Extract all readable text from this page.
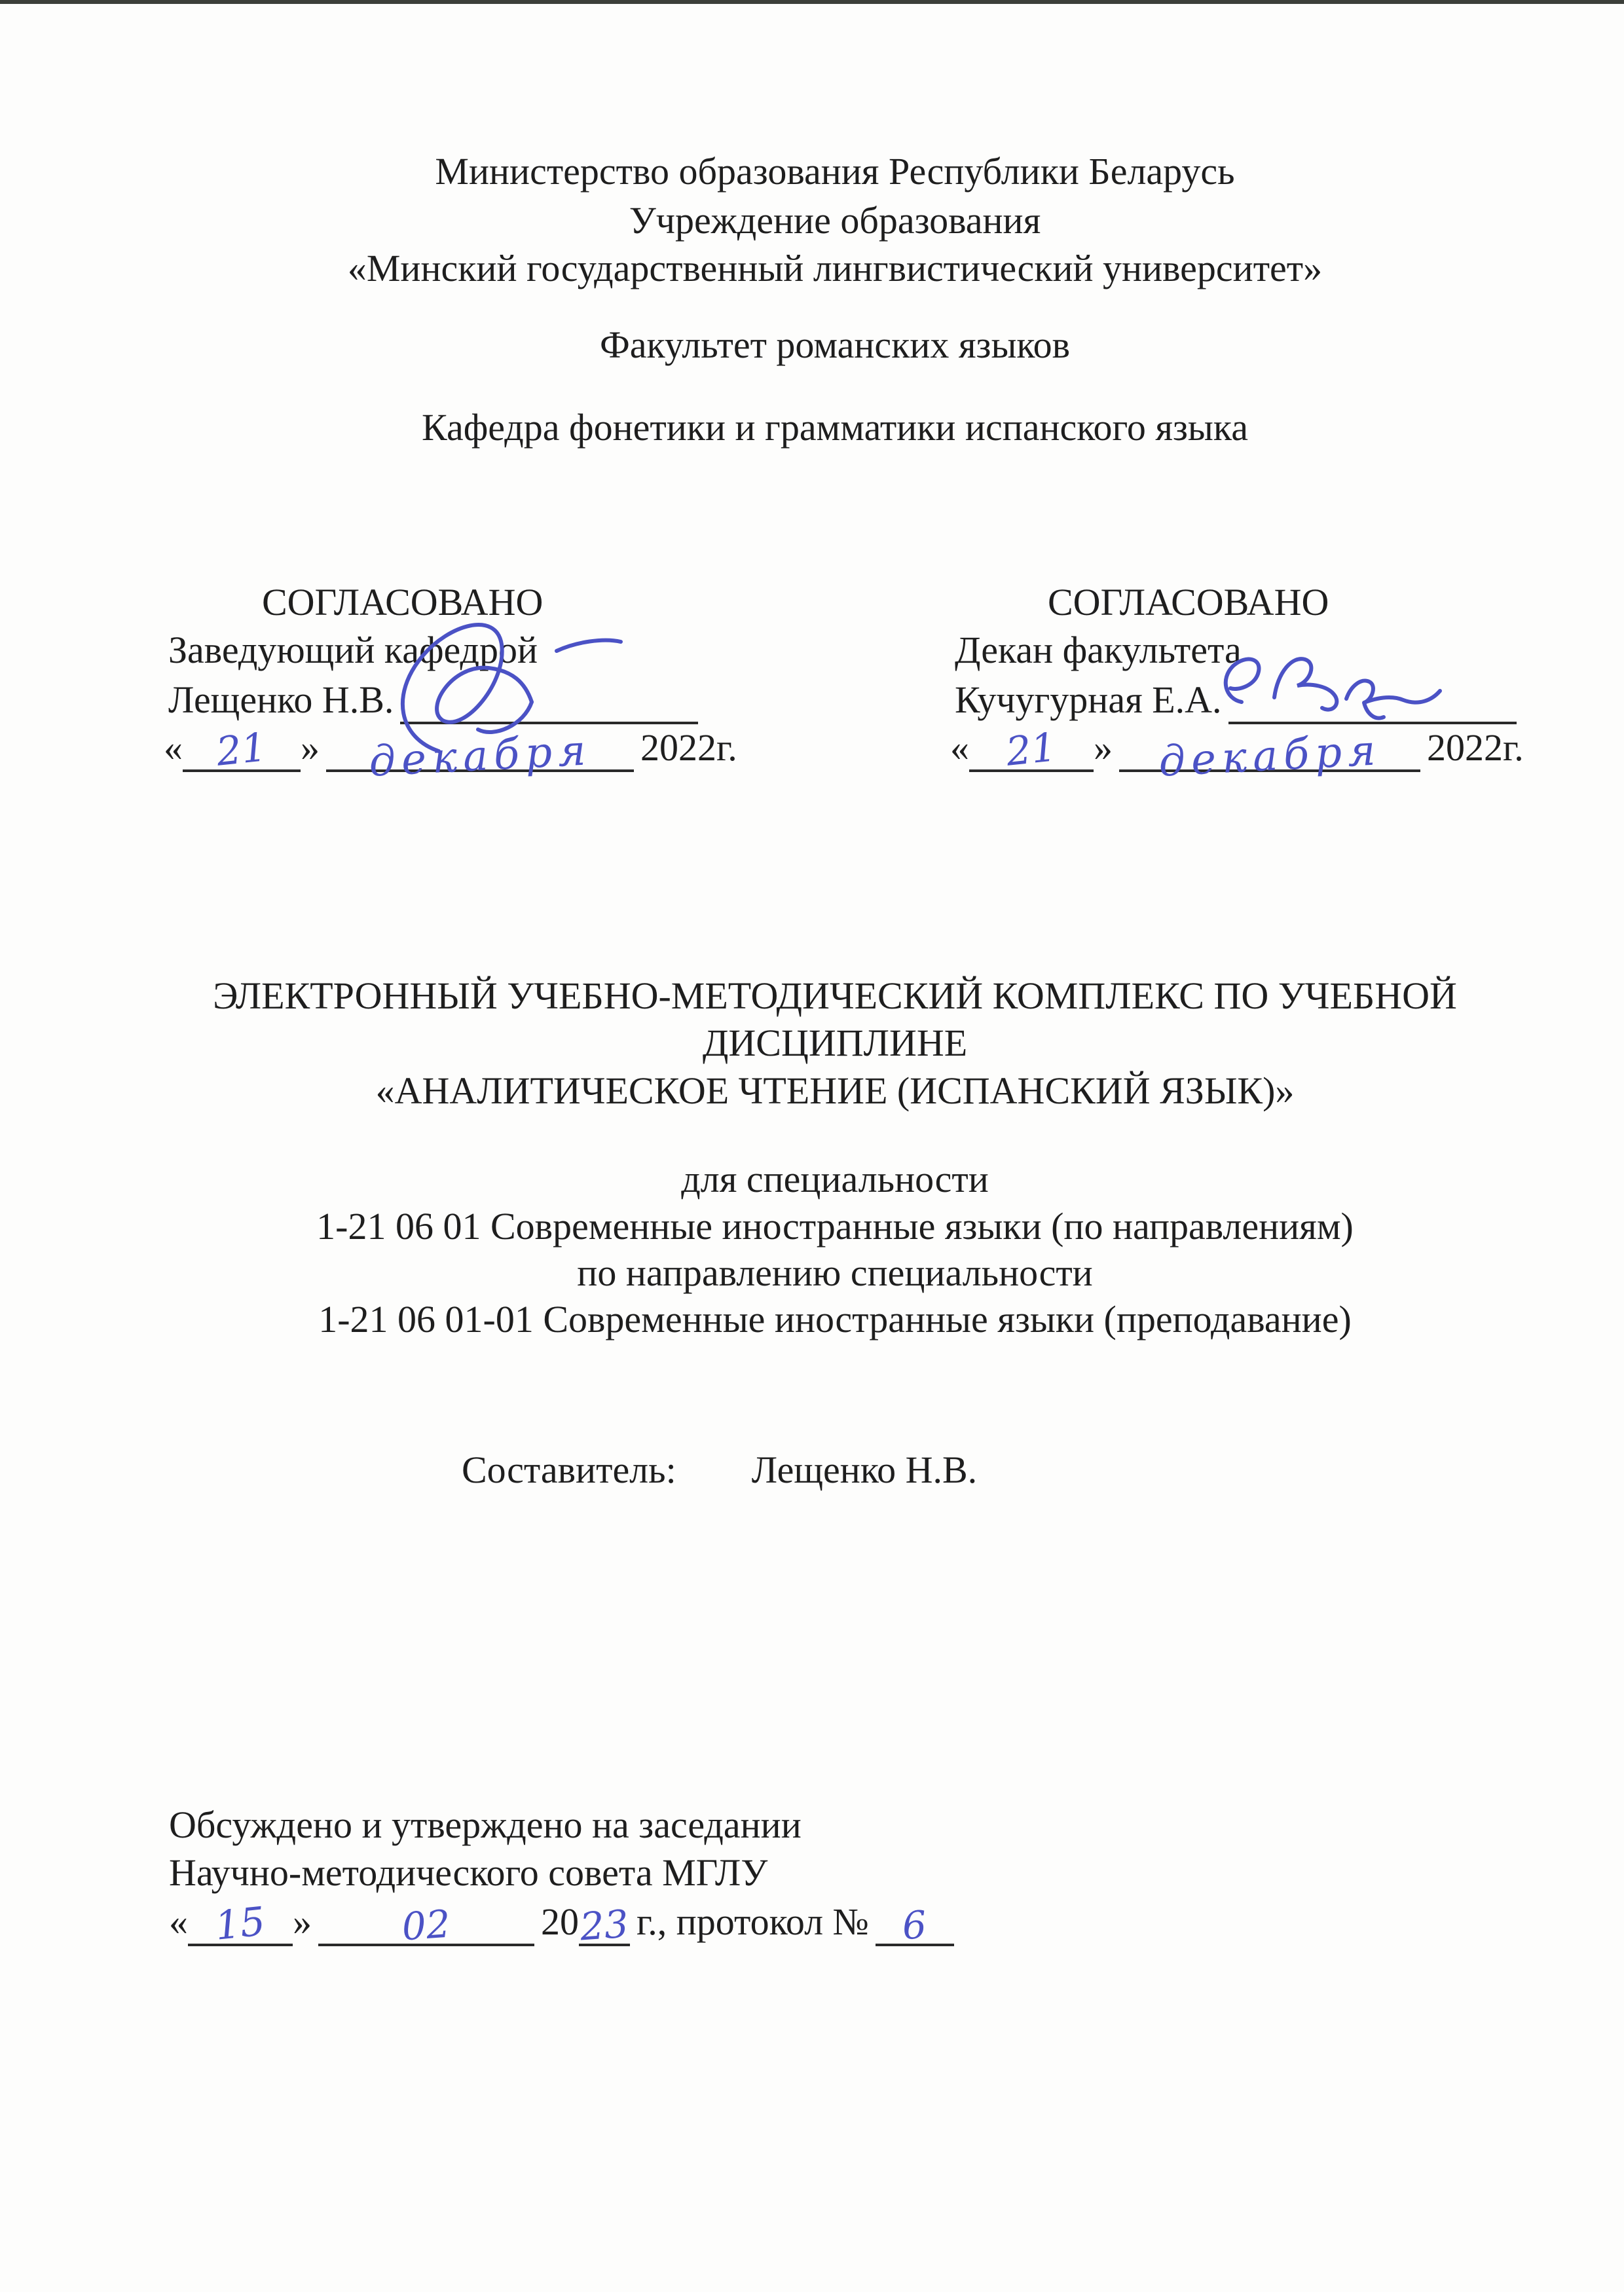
Министерство образования Республики Беларусь
Учреждение образования
«Минский государственный лингвистический университет»
Факультет романских языков
Кафедра фонетики и грамматики испанского языка
СОГЛАСОВАНО
Заведующий кафедрой
Лещенко Н.В.
« 21 » декабря 2022г.
СОГЛАСОВАНО
Декан факультета
Кучугурная Е.А.
« 21 » декабря 2022г.
ЭЛЕКТРОННЫЙ УЧЕБНО-МЕТОДИЧЕСКИЙ КОМПЛЕКС ПО УЧЕБНОЙ
ДИСЦИПЛИНЕ
«АНАЛИТИЧЕСКОЕ ЧТЕНИЕ (ИСПАНСКИЙ ЯЗЫК)»
для специальности
1-21 06 01 Современные иностранные языки (по направлениям)
по направлению специальности
1-21 06 01-01 Современные иностранные языки (преподавание)
Составитель: Лещенко Н.В.
Обсуждено и утверждено на заседании
Научно-методического совета МГЛУ
« 15 » 02 2023 г., протокол № 6
